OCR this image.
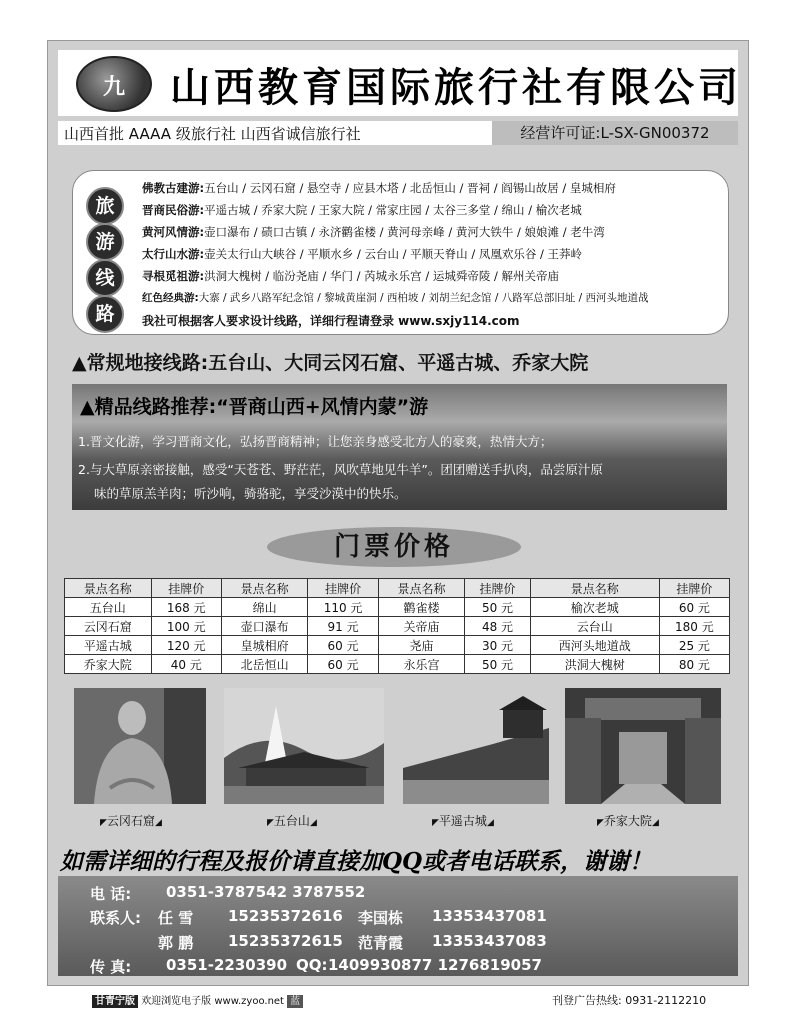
九	山西教育国际旅行社有限公司
山西首批 AAAA 级旅行社 山西省诚信旅行社	经营许可证:L-SX-GN00372
旅
游
线
路
佛教古建游:五台山 / 云冈石窟 / 悬空寺 / 应县木塔 / 北岳恒山 / 晋祠 / 阎锡山故居 / 皇城相府
晋商民俗游:平遥古城 / 乔家大院 / 王家大院 / 常家庄园 / 太谷三多堂 / 绵山 / 榆次老城
黄河风情游:壶口瀑布 / 碛口古镇 / 永济鹳雀楼 / 黄河母亲峰 / 黄河大铁牛 / 娘娘滩 / 老牛湾
太行山水游:壶关太行山大峡谷 / 平顺水乡 / 云台山 / 平顺天脊山 / 凤凰欢乐谷 / 王莽岭
寻根觅祖游:洪洞大槐树 / 临汾尧庙 / 华门 / 芮城永乐宫 / 运城舜帝陵 / 解州关帝庙
红色经典游:大寨 / 武乡八路军纪念馆 / 黎城黄崖洞 / 西柏坡 / 刘胡兰纪念馆 / 八路军总部旧址 / 西河头地道战
我社可根据客人要求设计线路，详细行程请登录 www.sxjy114.com
▲常规地接线路:五台山、大同云冈石窟、平遥古城、乔家大院
▲精品线路推荐:“晋商山西+风情内蒙”游
1.晋文化游，学习晋商文化，弘扬晋商精神；让您亲身感受北方人的豪爽，热情大方；
2.与大草原亲密接触，感受“天苍苍、野茫茫，风吹草地见牛羊”。团团赠送手扒肉，品尝原汁原
味的草原羔羊肉；听沙响，骑骆驼，享受沙漠中的快乐。
门票价格
景点名称	挂牌价	景点名称	挂牌价	景点名称	挂牌价	景点名称	挂牌价
五台山	168 元	绵山	110 元	鹳雀楼	50 元	榆次老城	60 元
云冈石窟	100 元	壶口瀑布	91 元	关帝庙	48 元	云台山	180 元
平遥古城	120 元	皇城相府	60 元	尧庙	30 元	西河头地道战	25 元
乔家大院	40 元	北岳恒山	60 元	永乐宫	50 元	洪洞大槐树	80 元
◤ 云冈石窟 ◢	◤ 五台山 ◢	◤ 平遥古城 ◢	◤ 乔家大院 ◢
如需详细的行程及报价请直接加QQ或者电话联系，谢谢！
电 话: 0351-3787542 3787552
联系人: 任 雪 15235372616 李国栋 13353437081
郭 鹏 15235372615 范青霞 13353437083
传 真: 0351-2230390 QQ: 1409930877 1276819057
甘青宁版 欢迎浏览电子版 www.zyoo.net 蓝	刊登广告热线: 0931-2112210
